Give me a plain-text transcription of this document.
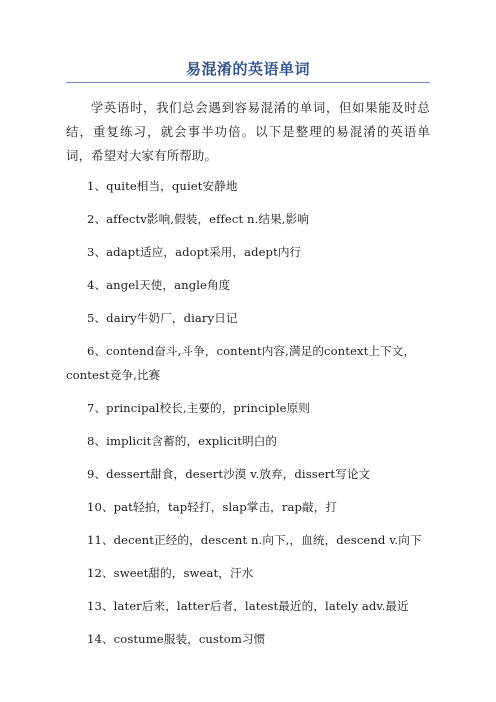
易混淆的英语单词

学英语时，我们总会遇到容易混淆的单词，但如果能及时总结，重复练习，就会事半功倍。以下是整理的易混淆的英语单词，希望对大家有所帮助。

1、quite相当，quiet安静地
2、affectv影响,假装，effect n.结果,影响
3、adapt适应，adopt采用，adept内行
4、angel天使，angle角度
5、dairy牛奶厂，diary日记
6、contend奋斗,斗争，content内容,满足的context上下文，contest竞争,比赛
7、principal校长,主要的，principle原则
8、implicit含蓄的，explicit明白的
9、dessert甜食，desert沙漠 v.放弃，dissert写论文
10、pat轻拍，tap轻打，slap掌击，rap敲，打
11、decent正经的，descent n.向下,，血统，descend v.向下
12、sweet甜的，sweat，汗水
13、later后来，latter后者，latest最近的，lately adv.最近
14、costume服装，custom习惯
